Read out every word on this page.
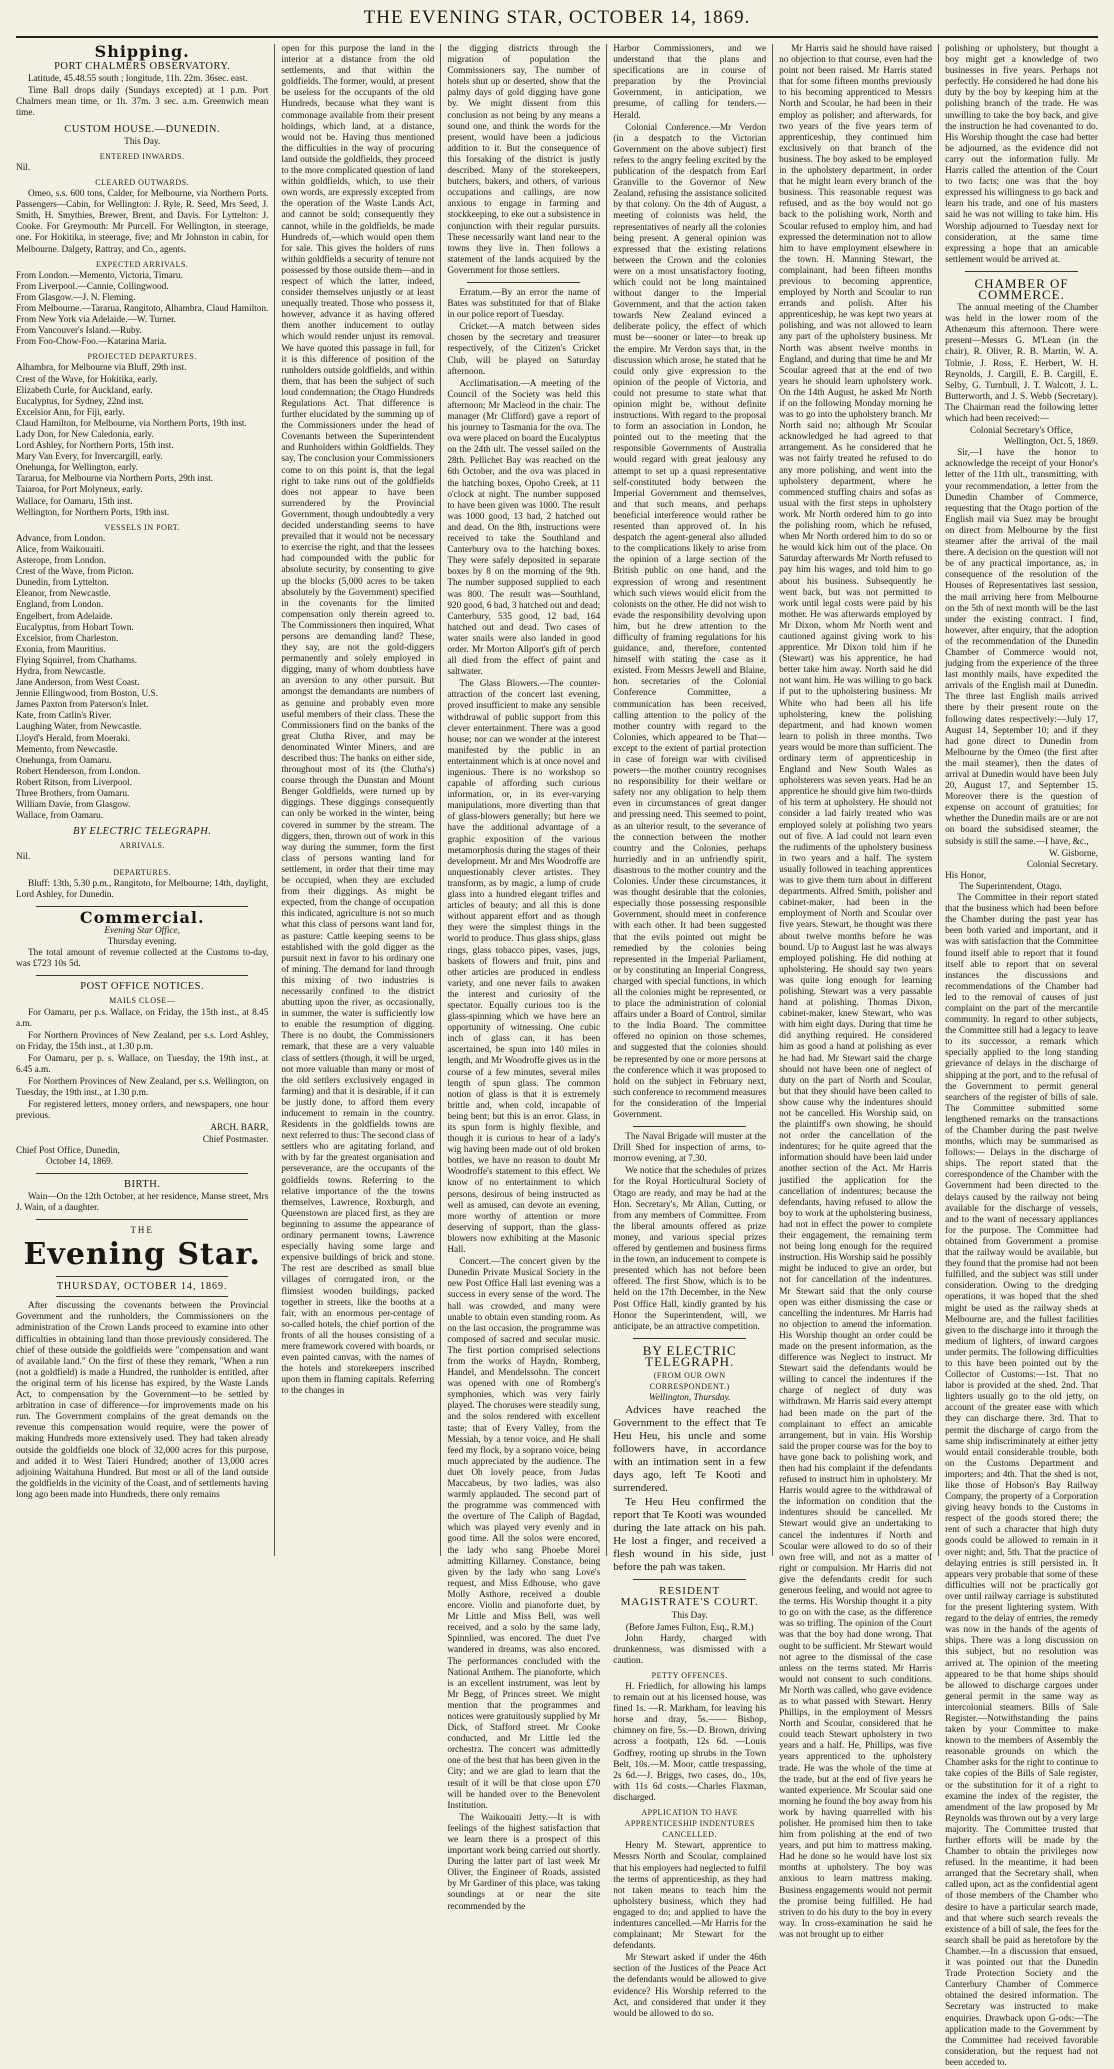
THE EVENING STAR, OCTOBER 14, 1869.
Shipping.
PORT CHALMERS OBSERVATORY.

Latitude, 45.48.55 south ; longitude, 11h. 22m. 36sec. east.

Time Ball drops daily (Sundays excepted) at 1 p.m. Port Chalmers mean time, or 1h. 37m. 3 sec. a.m. Greenwich mean time.

CUSTOM HOUSE.—DUNEDIN.
This Day.
ENTERED INWARDS.

Nil.

CLEARED OUTWARDS.

Omeo, s.s. 600 tons, Calder, for Melbourne, via Northern Ports. Passengers—Cabin, for Wellington: J. Ryle, R. Seed, Mrs Seed, J. Smith, H. Smythies, Brewer, Brent, and Davis. For Lyttelton: J. Cooke. For Greymouth: Mr Purcell. For Wellington, in steerage, one. For Hokitika, in steerage, five; and Mr Johnston in cabin, for Melbourne. Dalgety, Rattray, and Co., agents.

EXPECTED ARRIVALS.
From London.—Memento, Victoria, Timaru.
From Liverpool.—Cannie, Collingwood.
From Glasgow.—J. N. Fleming.
From Melbourne.—Tararua, Rangitoto, Alhambra, Claud Hamilton.
From New York via Adelaide.—W. Turner.
From Vancouver's Island.—Ruby.
From Foo-Chow-Foo.—Katarina Maria.
PROJECTED DEPARTURES.
Alhambra, for Melbourne via Bluff, 29th inst.
Crest of the Wave, for Hokitika, early.
Elizabeth Curle, for Auckland, early.
Eucalyptus, for Sydney, 22nd inst.
Excelsior Ann, for Fiji, early.
Claud Hamilton, for Melbourne, via Northern Ports, 19th inst.
Lady Don, for New Caledonia, early.
Lord Ashley, for Northern Ports, 15th inst.
Mary Van Every, for Invercargill, early.
Onehunga, for Wellington, early.
Tararua, for Melbourne via Northern Ports, 29th inst.
Taiaroa, for Port Molyneux, early.
Wallace, for Oamaru, 15th inst.
Wellington, for Northern Ports, 19th inst.
VESSELS IN PORT.
Advance, from London.
Alice, from Waikouaiti.
Asterope, from London.
Crest of the Wave, from Picton.
Dunedin, from Lyttelton.
Eleanor, from Newcastle.
England, from London.
Engelbert, from Adelaide.
Eucalyptus, from Hobart Town.
Excelsior, from Charleston.
Exonia, from Mauritius.
Flying Squirrel, from Chathams.
Hydra, from Newcastle.
Jane Anderson, from West Coast.
Jennie Ellingwood, from Boston, U.S.
James Paxton from Paterson's Inlet.
Kate, from Catlin's River.
Laughing Water, from Newcastle.
Lloyd's Herald, from Moeraki.
Memento, from Newcastle.
Onehunga, from Oamaru.
Robert Henderson, from London.
Robert Ritson, from Liverpool.
Three Brothers, from Oamaru.
William Davie, from Glasgow.
Wallace, from Oamaru.
BY ELECTRIC TELEGRAPH.
ARRIVALS.

Nil.

DEPARTURES.

Bluff: 13th, 5.30 p.m., Rangitoto, for Melbourne; 14th, daylight, Lord Ashley, for Dunedin.

Commercial.
Evening Star Office,
Thursday evening.

The total amount of revenue collected at the Customs to-day, was £723 10s 5d.

POST OFFICE NOTICES.
MAILS CLOSE—

For Oamaru, per p.s. Wallace, on Friday, the 15th inst., at 8.45 a.m.

For Northern Provinces of New Zealand, per s.s. Lord Ashley, on Friday, the 15th inst., at 1.30 p.m.

For Oamaru, per p. s. Wallace, on Tuesday, the 19th inst., at 6.45 a.m.

For Northern Provinces of New Zealand, per s.s. Wellington, on Tuesday, the 19th inst., at 1.30 p.m.

For registered letters, money orders, and newspapers, one hour previous.

ARCH. BARR,
Chief Postmaster.
Chief Post Office, Dunedin,
October 14, 1869.
BIRTH.

Wain—On the 12th October, at her residence, Manse street, Mrs J. Wain, of a daughter.

THE
Evening Star.
THURSDAY, OCTOBER 14, 1869.

After discussing the covenants between the Provincial Government and the runholders, the Commissioners on the administration of the Crown Lands proceed to examine into other difficulties in obtaining land than those previously considered. The chief of these outside the goldfields were "compensation and want of available land." On the first of these they remark, "When a run (not a goldfield) is made a Hundred, the runholder is entitled, after the original term of his license has expired, by the Waste Lands Act, to compensation by the Government—to be settled by arbitration in case of difference—for improvements made on his run. The Government complains of the great demands on the revenue this compensation would require, were the power of making Hundreds more extensively used. They had taken already outside the goldfields one block of 32,000 acres for this purpose, and added it to West Taieri Hundred; another of 13,000 acres adjoining Waitahuna Hundred. But most or all of the land outside the goldfields in the vicinity of the Coast, and of settlements having long ago been made into Hundreds, there only remains

open for this purpose the land in the interior at a distance from the old settlements, and that within the goldfields. The former, would, at present be useless for the occupants of the old Hundreds, because what they want is commonage available from their present holdings, which land, at a distance, would not be. Having thus mentioned the difficulties in the way of procuring land outside the goldfields, they proceed to the more complicated question of land within goldfields, which, to use their own words, are expressly excepted from the operation of the Waste Lands Act, and cannot be sold; consequently they cannot, while in the goldfields, be made Hundreds of,—which would open them for sale. This gives the holders of runs within goldfields a security of tenure not possessed by those outside them—and in respect of which the latter, indeed, consider themselves unjustly or at least unequally treated. Those who possess it, however, advance it as having offered them another inducement to outlay which would render unjust its removal. We have quoted this passage in full, for it is this difference of position of the runholders outside goldfields, and within them, that has been the subject of such loud condemnation; the Otago Hundreds Regulations Act. That difference is further elucidated by the summing up of the Commissioners under the head of Covenants between the Superintendent and Runholders within Goldfields. They say, The conclusion your Commissioners come to on this point is, that the legal right to take runs out of the goldfields does not appear to have been surrendered by the Provincial Government, though undoubtedly a very decided understanding seems to have prevailed that it would not be necessary to exercise the right, and that the lessees had compounded with the public for absolute security, by consenting to give up the blocks (5,000 acres to be taken absolutely by the Government) specified in the covenants for the limited compensation only therein agreed to. The Commissioners then inquired, What persons are demanding land? These, they say, are not the gold-diggers permanently and solely employed in digging, many of whom doubtless have an aversion to any other pursuit. But amongst the demandants are numbers of as genuine and probably even more useful members of their class. These the Commissioners find on the banks of the great Clutha River, and may be denominated Winter Miners, and are described thus: The banks on either side, throughout most of its (the Clutha's) course through the Dunstan and Mount Benger Goldfields, were turned up by diggings. These diggings consequently can only be worked in the winter, being covered in summer by the stream. The diggers, then, thrown out of work in this way during the summer, form the first class of persons wanting land for settlement, in order that their time may be occupied, when they are excluded from their diggings. As might be expected, from the change of occupation this indicated, agriculture is not so much what this class of persons want land for, as pasture: Cattle keeping seems to be established with the gold digger as the pursuit next in favor to his ordinary one of mining. The demand for land through this mixing of two industries is necessarily confined to the district abutting upon the river, as occasionally, in summer, the water is sufficiently low to enable the resumption of digging. There is no doubt, the Commissioners remark, that these are a very valuable class of settlers (though, it will be urged, not more valuable than many or most of the old settlers exclusively engaged in farming) and that it is desirable, if it can be justly done, to afford them every inducement to remain in the country. Residents in the goldfields towns are next referred to thus: The second class of settlers who are agitating forland, and with by far the greatest organisation and perseverance, are the occupants of the goldfields towns. Referring to the relative importance of the the towns themselves, Lawrence, Roxburgh, and Queenstown are placed first, as they are beginning to assume the appearance of ordinary permanent towns, Lawrence especially having some large and expensive buildings of brick and stone. The rest are described as small blue villages of corrugated iron, or the flimsiest wooden buildings, packed together in streets, like the booths at a fair, with an enormous per-centage of so-called hotels, the chief portion of the fronts of all the houses consisting of a mere framework covered with boards, or even painted canvas, with the names of the hotels and storekeepers inscribed upon them in flaming capitals. Referring to the changes in

the digging districts through the migration of population the Commissioners say, The number of hotels shut up or deserted, show that the palmy days of gold digging have gone by. We might dissent from this conclusion as not being by any means a sound one, and think the words for the present, would have been a judicious addition to it. But the consequence of this forsaking of the district is justly described. Many of the storekeepers, butchers, bakers, and others, of various occupations and callings, are now anxious to engage in farming and stockkeeping, to eke out a subsistence in conjunction with their regular pursuits. These necessarily want land near to the towns they live in. Then follows a statement of the lands acquired by the Government for those settlers.

Erratum.—By an error the name of Bates was substituted for that of Blake in our police report of Tuesday.

Cricket.—A match between sides chosen by the secretary and treasurer respectively, of the Citizen's Cricket Club, will be played on Saturday afternoon.

Acclimatisation.—A meeting of the Council of the Society was held this afternoon; Mr Macleod in the chair. The manager (Mr Clifford) gave a report of his journey to Tasmania for the ova. The ova were placed on board the Eucalyptus on the 24th ult. The vessel sailed on the 28th. Pellichet Bay was reached on the 6th October, and the ova was placed in the hatching boxes, Opoho Creek, at 11 o'clock at night. The number supposed to have been given was 1000. The result was 1000 good, 13 bad, 2 hatched out and dead. On the 8th, instructions were received to take the Southland and Canterbury ova to the hatching boxes. They were safely deposited in separate boxes by 8 on the morning of the 9th. The number supposed supplied to each was 800. The result was—Southland, 920 good, 6 bad, 3 hatched out and dead; Canterbury, 535 good, 12 bad, 164 hatched out and dead. Two cases of water snails were also landed in good order. Mr Morton Allport's gift of perch all died from the effect of paint and saltwater.

The Glass Blowers.—The counter-attraction of the concert last evening, proved insufficient to make any sensible withdrawal of public support from this clever entertainment. There was a good house; nor can we wonder at the interest manifested by the public in an entertainment which is at once novel and ingenious. There is no workshop so capable of affording such curious information, or, in its ever-varying manipulations, more diverting than that of glass-blowers generally; but here we have the additional advantage of a graphic exposition of the various metamorphosis during the stages of their development. Mr and Mrs Woodroffe are unquestionably clever artistes. They transform, as by magic, a lump of crude glass into a hundred elegant trifles and articles of beauty; and all this is done without apparent effort and as though they were the simplest things in the world to produce. Thus glass ships, glass rings, glass tobacco pipes, vases, jugs, baskets of flowers and fruit, pins and other articles are produced in endless variety, and one never fails to awaken the interest and curiosity of the spectator. Equally curious too is the glass-spinning which we have here an opportunity of witnessing. One cubic inch of glass can, it has been ascertained, be spun into 140 miles in length, and Mr Woodroffe gives us in the course of a few minutes, several miles length of spun glass. The common notion of glass is that it is extremely brittle and, when cold, incapable of being bent; but this is an error. Glass, in its spun form is highly flexible, and though it is curious to hear of a lady's wig having been made out of old broken bottles, we have no reason to doubt Mr Woodroffe's statement to this effect. We know of no entertainment to which persons, desirous of being instructed as well as amused, can devote an evening, more worthy of attention or more deserving of support, than the glass-blowers now exhibiting at the Masonic Hall.

Concert.—The concert given by the Dunedin Private Musical Society in the new Post Office Hall last evening was a success in every sense of the word. The hall was crowded, and many were unable to obtain even standing room. As on the last occasion, the programme was composed of sacred and secular music. The first portion comprised selections from the works of Haydn, Romberg, Handel, and Mendelssohn. The concert was opened with one of Romberg's symphonies, which was very fairly played. The choruses were steadily sung, and the solos rendered with excellent taste; that of Every Valley, from the Messiah, by a tenor voice, and He shall feed my flock, by a soprano voice, being much appreciated by the audience. The duet Oh lovely peace, from Judas Maccabeus, by two ladies, was also warmly applauded. The second part of the programme was commenced with the overture of The Caliph of Bagdad, which was played very evenly and in good time. All the solos were encored, the lady who sang Phoebe Morel admitting Killarney. Constance, being given by the lady who sang Love's request, and Miss Edhouse, who gave Molly Asthore, received a double encore. Violin and pianoforte duet, by Mr Little and Miss Bell, was well received, and a solo by the same lady, Spinnlied, was encored. The duet I've wandered in dreams, was also encored. The performances concluded with the National Anthem. The pianoforte, which is an excellent instrument, was lent by Mr Begg, of Princes street. We might mention that the programmes and notices were gratuitously supplied by Mr Dick, of Stafford street. Mr Cooke conducted, and Mr Little led the orchestra. The concert was admittedly one of the best that has been given in the City; and we are glad to learn that the result of it will be that close upon £70 will be handed over to the Benevolent Institution.

The Waikouaiti Jetty.—It is with feelings of the highest satisfaction that we learn there is a prospect of this important work being carried out shortly. During the latter part of last week Mr Oliver, the Engineer of Roads, assisted by Mr Gardiner of this place, was taking soundings at or near the site recommended by the

Harbor Commissioners, and we understand that the plans and specifications are in course of preparation by the Provincial Government, in anticipation, we presume, of calling for tenders.—Herald.

Colonial Conference.—Mr Verdon (in a despatch to the Victorian Government on the above subject) first refers to the angry feeling excited by the publication of the despatch from Earl Granville to the Governor of New Zealand, refusing the assistance solicited by that colony. On the 4th of August, a meeting of colonists was held, the representatives of nearly all the colonies being present. A general opinion was expressed that the existing relations between the Crown and the colonies were on a most unsatisfactory footing, which could not be long maintained without danger to the Imperial Government, and that the action taken towards New Zealand evinced a deliberate policy, the effect of which must be—sooner or later—to break up the empire. Mr Verdon says that, in the discussion which arose, he stated that he could only give expression to the opinion of the people of Victoria, and could not presume to state what that opinion might be, without definite instructions. With regard to the proposal to form an association in London, he pointed out to the meeting that the responsible Governments of Australia would regard with great jealousy any attempt to set up a quasi representative self-constituted body between the Imperial Government and themselves, and that such means, and perhaps beneficial interference would rather be resented than approved of. In his despatch the agent-general also alluded to the complications likely to arise from the opinion of a large section of the British public on one hand, and the expression of wrong and resentment which such views would elicit from the colonists on the other. He did not wish to evade the responsibility devolving upon him, but he drew attention to the difficulty of framing regulations for his guidance, and, therefore, contented himself with stating the case as it existed. From Messrs Jewell and Blaine, hon. secretaries of the Colonial Conference Committee, a communication has been received, calling attention to the policy of the mother country with regard to the Colonies, which appeared to be That—except to the extent of partial protection in case of foreign war with civilised powers—the mother country recognises no responsibility for their welfare or safety nor any obligation to help them even in circumstances of great danger and pressing need. This seemed to point, as an ulterior result, to the severance of the connection between the mother country and the Colonies, perhaps hurriedly and in an unfriendly spirit, disastrous to the mother country and the Colonies. Under these circumstances, it was thought desirable that the colonies, especially those possessing responsible Government, should meet in conference with each other. It had been suggested that the evils pointed out might be remedied by the colonies being represented in the Imperial Parliament, or by constituting an Imperial Congress, charged with special functions, in which all the colonies might be represented, or to place the administration of colonial affairs under a Board of Control, similar to the India Board. The committee offered no opinion on those schemes, and suggested that the colonies should be represented by one or more persons at the conference which it was proposed to hold on the subject in February next, such conference to recommend measures for the consideration of the Imperial Government.

The Naval Brigade will muster at the Drill Shed for inspection of arms, to-morrow evening, at 7.30.

We notice that the schedules of prizes for the Royal Horticultural Society of Otago are ready, and may be had at the Hon. Secretary's, Mr Allan, Cutting, or from any members of Committee. From the liberal amounts offered as prize money, and various special prizes offered by gentlemen and business firms in the town, an inducement to compete is presented which has not before been offered. The first Show, which is to be held on the 17th December, in the New Post Office Hall, kindly granted by his Honor the Superintendent, will, we anticipate, be an attractive competition.

BY ELECTRIC TELEGRAPH.
(FROM OUR OWN CORRESPONDENT.)
Wellington, Thursday.

Advices have reached the Government to the effect that Te Heu Heu, his uncle and some followers have, in accordance with an intimation sent in a few days ago, left Te Kooti and surrendered.

Te Heu Heu confirmed the report that Te Kooti was wounded during the late attack on his pah. He lost a finger, and received a flesh wound in his side, just before the pah was taken.

RESIDENT MAGISTRATE'S COURT.
This Day.
(Before James Fulton, Esq., R.M.)

John Hardy, charged with drunkenness, was dismissed with a caution.

PETTY OFFENCES.

H. Friedlich, for allowing his lamps to remain out at his licensed house, was fined 1s. —R. Markham, for leaving his horse and dray, 5s.—— Bishop, chimney on fire, 5s.—D. Brown, driving across a footpath, 12s 6d. —Louis Godfrey, rooting up shrubs in the Town Belt, 10s.—M. Moor, cattle trespassing, 2s 6d.—J. Briggs, two cases, do., 10s, with 11s 6d costs.—Charles Flaxman, discharged.

APPLICATION TO HAVE APPRENTICESHIP INDENTURES CANCELLED.

Henry M. Stewart, apprentice to Messrs North and Scoular, complained that his employers had neglected to fulfil the terms of apprenticeship, as they had not taken means to teach him the upholstery business, which they had engaged to do; and applied to have the indentures cancelled.—Mr Harris for the complainant; Mr Stewart for the defendants.

Mr Stewart asked if under the 46th section of the Justices of the Peace Act the defendants would be allowed to give evidence? His Worship referred to the Act, and considered that under it they would be allowed to do so.

Mr Harris said he should have raised no objection to that course, even had the point not been raised. Mr Harris stated that for some fifteen months previously to his becoming apprenticed to Messrs North and Scoular, he had been in their employ as polisher; and afterwards, for two years of the five years term of apprenticeship, they continued him exclusively on that branch of the business. The boy asked to be employed in the upholstery department, in order that he might learn every branch of the business. This reasonable request was refused, and as the boy would not go back to the polishing work, North and Scoular refused to employ him, and had expressed the determination not to allow him to have employment elsewhere in the town. H. Manning Stewart, the complainant, had been fifteen months previous to becoming apprentice, employed by North and Scoular to run errands and polish. After his apprenticeship, he was kept two years at polishing, and was not allowed to learn any part of the upholstery business. Mr North was absent twelve months in England, and during that time he and Mr Scoular agreed that at the end of two years he should learn upholstery work. On the 14th August, he asked Mr North if on the following Monday morning he was to go into the upholstery branch. Mr North said no; although Mr Scoular acknowledged he had agreed to that arrangement. As he considered that he was not fairly treated he refused to do any more polishing, and went into the upholstery department, where he commenced stuffing chairs and sofas as usual with the first steps in upholstery work. Mr North ordered him to go into the polishing room, which he refused, when Mr North ordered him to do so or he would kick him out of the place. On Saturday afterwards Mr North refused to pay him his wages, and told him to go about his business. Subsequently he went back, but was not permitted to work until legal costs were paid by his mother. He was afterwards employed by Mr Dixon, whom Mr North went and cautioned against giving work to his apprentice. Mr Dixon told him if he (Stewart) was his apprentice, he had better take him away. North said he did not want him. He was willing to go back if put to the upholstering business. Mr White who had been all his life upholstering, knew the polishing department, and had known women learn to polish in three months. Two years would be more than sufficient. The ordinary term of apprenticeship in England and New South Wales as upholsterers was seven years. Had he an apprentice he should give him two-thirds of his term at upholstery. He should not consider a lad fairly treated who was employed solely at polishing two years out of five. A lad could not learn even the rudiments of the upholstery business in two years and a half. The system usually followed in teaching apprentices was to give them turn about in different departments. Alfred Smith, polisher and cabinet-maker, had been in the employment of North and Scoular over five years. Stewart, he thought was there about twelve months before he was bound. Up to August last he was always employed polishing. He did nothing at upholstering. He should say two years was quite long enough for learning polishing. Stewart was a very passable hand at polishing. Thomas Dixon, cabinet-maker, knew Stewart, who was with him eight days. During that time he did anything required. He considered him as good a hand at polishing as ever he had had. Mr Stewart said the charge should not have been one of neglect of duty on the part of North and Scoular, but that they should have been called to show cause why the indentures should not be cancelled. His Worship said, on the plaintiff's own showing, he should not order the cancellation of the indentures; for he quite agreed that the information should have been laid under another section of the Act. Mr Harris justified the application for the cancellation of indentures; because the defendants, having refused to allow the boy to work at the upholstering business, had not in effect the power to complete their engagement, the remaining term not being long enough for the required instruction. His Worship said he possibly might be induced to give an order, but not for cancellation of the indentures. Mr Stewart said that the only course open was either dismissing the case or cancelling the indentures. Mr Harris had no objection to amend the information. His Worship thought an order could be made on the present information, as the difference was Neglect to instruct. Mr Stewart said the defendants would be willing to cancel the indentures if the charge of neglect of duty was withdrawn. Mr Harris said every attempt had been made on the part of the complainant to effect an amicable arrangement, but in vain. His Worship said the proper course was for the boy to have gone back to polishing work, and then had his complaint if the defendants refused to instruct him in upholstery. Mr Harris would agree to the withdrawal of the information on condition that the indentures should be cancelled. Mr Stewart would give an undertaking to cancel the indentures if North and Scoular were allowed to do so of their own free will, and not as a matter of right or compulsion. Mr Harris did not give the defendants credit for such generous feeling, and would not agree to the terms. His Worship thought it a pity to go on with the case, as the difference was so trifling. The opinion of the Court was that the boy had done wrong. That ought to be sufficient. Mr Stewart would not agree to the dismissal of the case unless on the terms stated. Mr Harris would not consent to such conditions. Mr North was called, who gave evidence as to what passed with Stewart. Henry Phillips, in the employment of Messrs North and Scoular, considered that he could teach Stewart upholstery in two years and a half. He, Phillips, was five years apprenticed to the upholstery trade. He was the whole of the time at the trade, but at the end of five years he wanted experience. Mr Scoular said one morning he found the boy away from his work by having quarrelled with his polisher. He promised him then to take him from polishing at the end of two years, and put him to mattress making. Had he done so he would have lost six months at upholstery. The boy was anxious to learn mattress making. Business engagements would not permit the promise being fulfilled. He had striven to do his duty to the boy in every way. In cross-examination he said he was not brought up to either

polishing or upholstery, but thought a boy might get a knowledge of two businesses in five years. Perhaps not perfectly. He considered he had done his duty by the boy by keeping him at the polishing branch of the trade. He was unwilling to take the boy back, and give the instruction he had covenanted to do. His Worship thought the case had better be adjourned, as the evidence did not carry out the information fully. Mr Harris called the attention of the Court to two facts; one was that the boy expressed his willingness to go back and learn his trade, and one of his masters said he was not willing to take him. His Worship adjourned to Tuesday next for consideration, at the same time expressing a hope that an amicable settlement would be arrived at.

CHAMBER OF COMMERCE.

The annual meeting of the Chamber was held in the lower room of the Athenæum this afternoon. There were present—Messrs G. M'Lean (in the chair), R. Oliver, R. B. Martin, W. A. Tolmie, J. Ross, E. Herbert, W. H. Reynolds, J. Cargill, E. B. Cargill, E. Selby, G. Turnbull, J. T. Walcott, J. L. Butterworth, and J. S. Webb (Secretary). The Chairman read the following letter which had been received:—

Colonial Secretary's Office,
Wellington, Oct. 5, 1869.

Sir,—I have the honor to acknowledge the receipt of your Honor's letter of the 11th ult., transmitting, with your recommendation, a letter from the Dunedin Chamber of Commerce, requesting that the Otago portion of the English mail via Suez may be brought on direct from Melbourne by the first steamer after the arrival of the mail there. A decision on the question will not be of any practical importance, as, in consequence of the resolution of the Houses of Representatives last session, the mail arriving here from Melbourne on the 5th of next month will be the last under the existing contract. I find, however, after enquiry, that the adoption of the recommendation of the Dunedin Chamber of Commerce would not, judging from the experience of the three last monthly mails, have expedited the arrivals of the English mail at Dunedin. The three last English mails arrived there by their present route on the following dates respectively:—July 17, August 14, September 10; and if they had gone direct to Dunedin from Melbourne by the Omeo (the first after the mail steamer), then the dates of arrival at Dunedin would have been July 20, August 17, and September 15. Moreover there is the question of expense on account of gratuities; for whether the Dunedin mails are or are not on board the subsidised steamer, the subsidy is still the same.—I have, &c.,

W. Gisborne,
Colonial Secretary.
His Honor,
The Superintendent, Otago.

The Committee in their report stated that the business which had been before the Chamber during the past year has been both varied and important, and it was with satisfaction that the Committee found itself able to report that it found itself able to report that on several instances the discussions and recommendations of the Chamber had led to the removal of causes of just complaint on the part of the mercantile community. In regard to other subjects, the Committee still had a legacy to leave to its successor, a remark which specially applied to the long standing grievance of delays in the discharge of shipping at the port, and to the refusal of the Government to permit general searchers of the register of bills of sale. The Committee submitted some lengthened remarks on the transactions of the Chamber during the past twelve months, which may be summarised as follows:— Delays in the discharge of ships. The report stated that the correspondence of the Chamber with the Government had been directed to the delays caused by the railway not being available for the discharge of vessels, and to the want of necessary appliances for the purpose. The Committee had obtained from Government a promise that the railway would be available, but they found that the promise had not been fulfilled, and the subject was still under consideration. Owing to the dredging operations, it was hoped that the shed might be used as the railway sheds at Melbourne are, and the fullest facilities given to the discharge into it through the medium of lighters, of inward cargoes under permits. The following difficulties to this have been pointed out by the Collector of Customs:—1st. That no labor is provided at the shed. 2nd. That lighters usually go to the old jetty, on account of the greater ease with which they can discharge there. 3rd. That to permit the discharge of cargo from the same ship indiscriminately at either jetty would entail considerable trouble, both on the Customs Department and importers; and 4th. That the shed is not, like those of Hobson's Bay Railway Company, the property of a Corporation giving heavy bonds to the Customs in respect of the goods stored there; the rent of such a character that high duty goods could be allowed to remain in it over night; and, 5th. That the practice of delaying entries is still persisted in. It appears very probable that some of these difficulties will not be practically got over until railway carriage is substituted for the present lightering system. With regard to the delay of entries, the remedy was now in the hands of the agents of ships. There was a long discussion on this subject, but no resolution was arrived at. The opinion of the meeting appeared to be that home ships should be allowed to discharge cargoes under general permit in the same way as intercolonial steamers. Bills of Sale Register.—Notwithstanding the pains taken by your Committee to make known to the members of Assembly the reasonable grounds on which the Chamber asks for the right to continue to take copies of the Bills of Sale register, or the substitution for it of a right to examine the index of the register, the amendment of the law proposed by Mr Reynolds was thrown out by a very large majority. The Committee trusted that further efforts will be made by the Chamber to obtain the privileges now refused. In the meantime, it had been arranged that the Secretary shall, when called upon, act as the confidential agent of those members of the Chamber who desire to have a particular search made, and that where such search reveals the existence of a bill of sale, the fees for the search shall be paid as heretofore by the Chamber.—In a discussion that ensued, it was pointed out that the Dunedin Trade Protection Society and the Canterbury Chamber of Commerce obtained the desired information. The Secretary was instructed to make enquiries. Drawback upon G-ods:—The application made to the Government by the Committee had received favorable consideration, but the request had not been acceded to.
